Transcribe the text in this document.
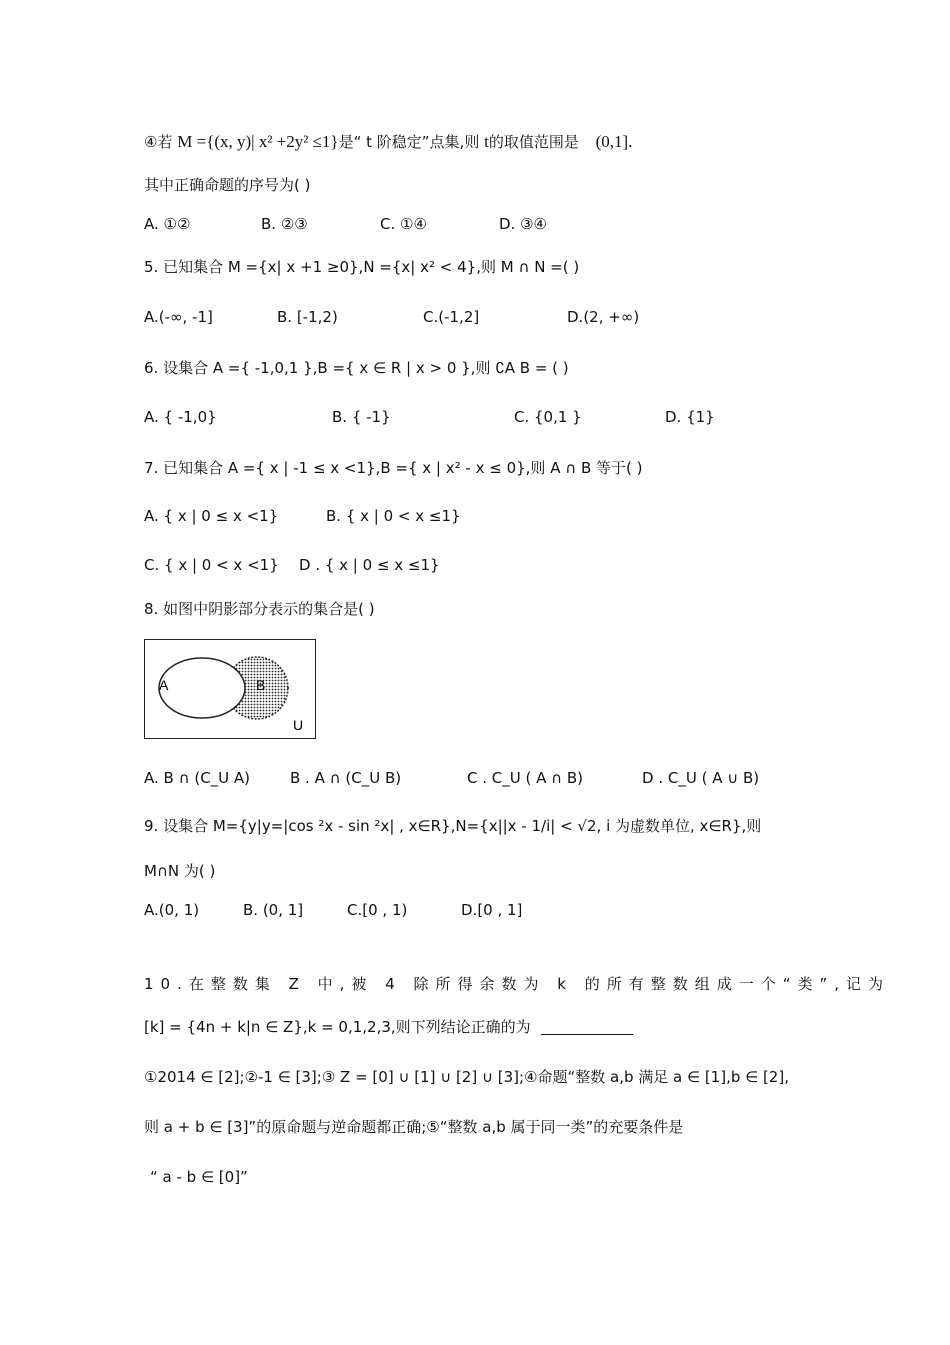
④若 M ={(x, y)| x² +2y² ≤1}是“ t 阶稳定”点集,则 t的取值范围是 (0,1].
其中正确命题的序号为( )
A. ①②	B. ②③	C. ①④	D. ③④
5. 已知集合 M ={x| x +1 ≥0},N ={x| x² < 4},则 M ∩ N =( )
A.(-∞, -1]	B. [-1,2)	C.(-1,2]	D.(2, +∞)
6. 设集合 A ={ -1,0,1 },B ={ x ∈ R | x > 0 },则 ∁A B = ( )
A. { -1,0}	B. { -1}	C. {0,1 }	D. {1}
7. 已知集合 A ={ x | -1 ≤ x <1},B ={ x | x² - x ≤ 0},则 A ∩ B 等于( )
A. { x | 0 ≤ x <1}	B. { x | 0 < x ≤1}
C. { x | 0 < x <1} D . { x | 0 ≤ x ≤1}
8. 如图中阴影部分表示的集合是( )
A	B
U
A. B ∩ (C_U A)	B . A ∩ (C_U B)	C . C_U ( A ∩ B)	D . C_U ( A ∪ B)
9. 设集合 M={y|y=|cos ²x - sin ²x| , x∈R},N={x||x - 1/i| < √2, i 为虚数单位, x∈R},则
M∩N 为( )
A.(0, 1)	B. (0, 1]	C.[0 , 1)	D.[0 , 1]
10.在整数集 Z 中,被 4 除所得余数为 k 的所有整数组成一个“类”,记为
[k] = {4n + k|n ∈ Z},k = 0,1,2,3,则下列结论正确的为
①2014 ∈ [2];②-1 ∈ [3];③ Z = [0] ∪ [1] ∪ [2] ∪ [3];④命题“整数 a,b 满足 a ∈ [1],b ∈ [2],
则 a + b ∈ [3]”的原命题与逆命题都正确;⑤“整数 a,b 属于同一类”的充要条件是
“ a - b ∈ [0]”
